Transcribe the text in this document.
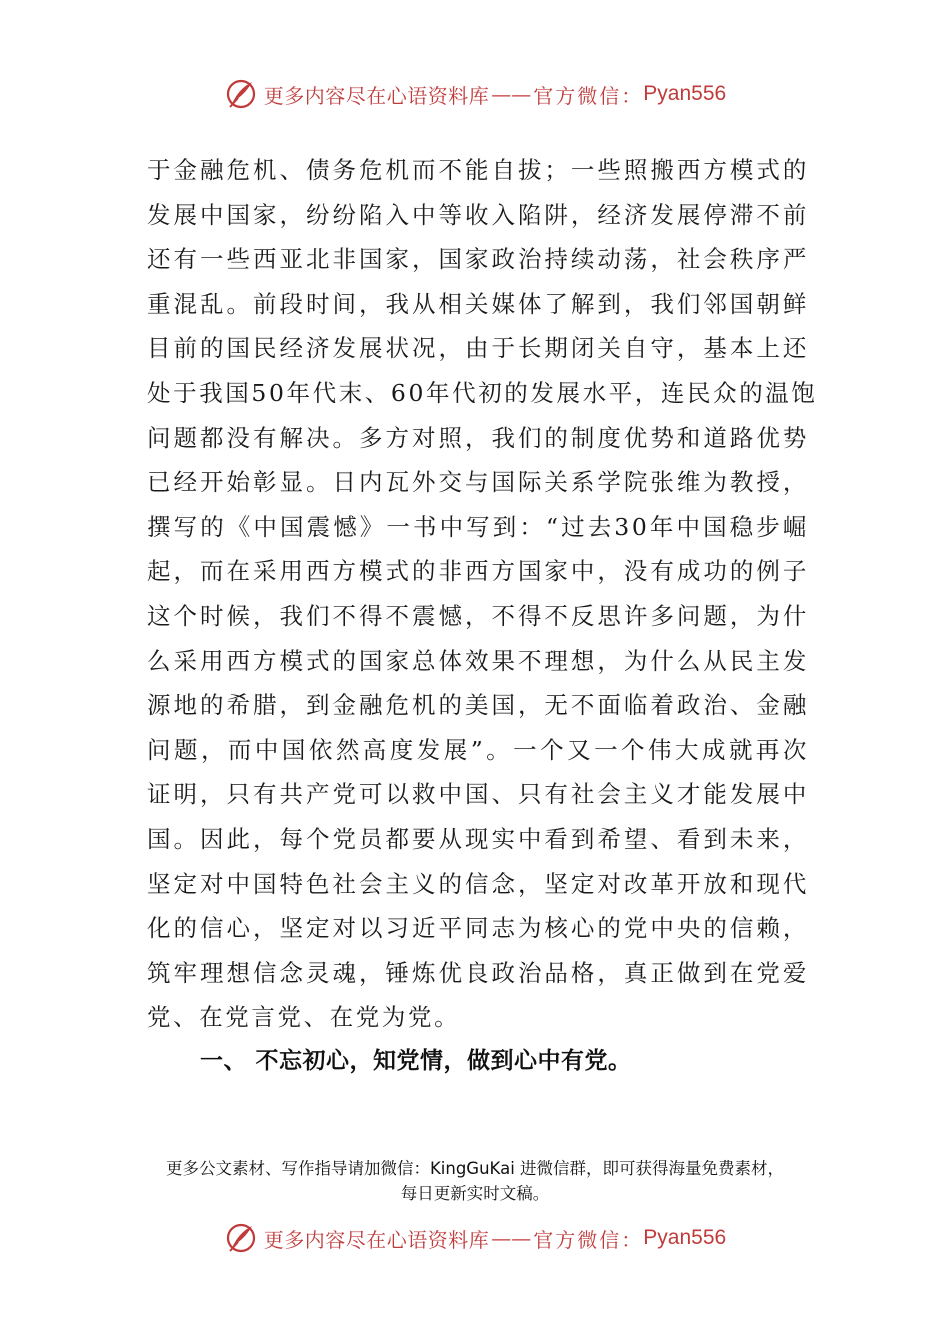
更多内容尽在心语资料库 —— 官方微信： Pyan556
于金融危机、债务危机而不能自拔；一些照搬西方模式的
发展中国家，纷纷陷入中等收入陷阱，经济发展停滞不前
还有一些西亚北非国家，国家政治持续动荡，社会秩序严
重混乱。前段时间，我从相关媒体了解到，我们邻国朝鲜
目前的国民经济发展状况，由于长期闭关自守，基本上还
处于我国50年代末、60年代初的发展水平，连民众的温饱
问题都没有解决。多方对照，我们的制度优势和道路优势
已经开始彰显。日内瓦外交与国际关系学院张维为教授，
撰写的《中国震憾》一书中写到：“过去30年中国稳步崛
起，而在采用西方模式的非西方国家中，没有成功的例子
这个时候，我们不得不震憾，不得不反思许多问题，为什
么采用西方模式的国家总体效果不理想，为什么从民主发
源地的希腊，到金融危机的美国，无不面临着政治、金融
问题，而中国依然高度发展”。一个又一个伟大成就再次
证明，只有共产党可以救中国、只有社会主义才能发展中
国。因此，每个党员都要从现实中看到希望、看到未来，
坚定对中国特色社会主义的信念，坚定对改革开放和现代
化的信心，坚定对以习近平同志为核心的党中央的信赖，
筑牢理想信念灵魂，锤炼优良政治品格，真正做到在党爱
党、在党言党、在党为党。
一、 不忘初心，知党情，做到心中有党。
更多公文素材、写作指导请加微信：KingGuKai 进微信群，即可获得海量免费素材，
每日更新实时文稿。
更多内容尽在心语资料库 —— 官方微信： Pyan556
